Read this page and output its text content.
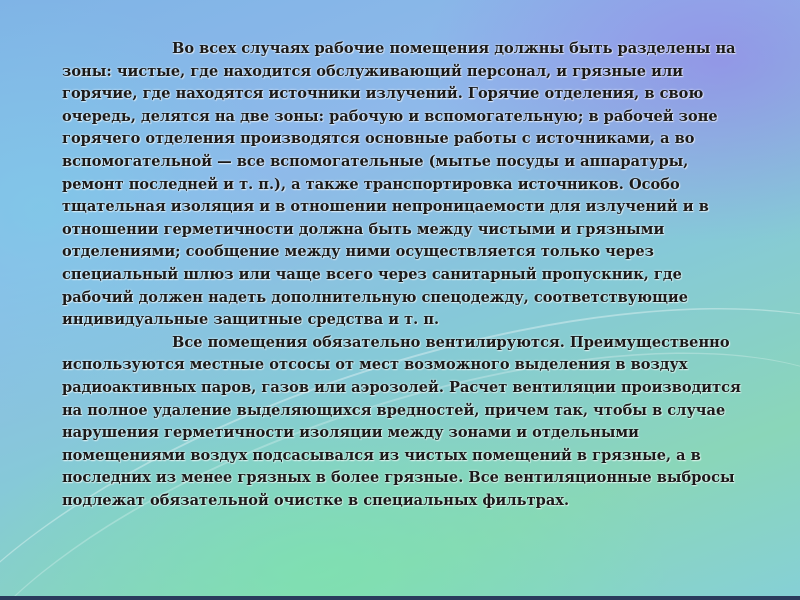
Во всех случаях рабочие помещения должны быть разделены на зоны: чистые, где находится обслуживающий персонал, и грязные или горячие, где находятся источники излучений. Горячие отделения, в свою очередь, делятся на две зоны: рабочую и вспомогательную; в рабочей зоне горячего отделения производятся основные работы с источниками, а во вспомогательной — все вспомогательные (мытье посуды и аппаратуры, ремонт последней и т. п.), а также транспортировка источников. Особо тщательная изоляция и в отношении непроницаемости для излучений и в отношении герметичности должна быть между чистыми и грязными отделениями; сообщение между ними осуществляется только через специальный шлюз или чаще всего через санитарный пропускник, где рабочий должен надеть дополнительную спецодежду, соответствующие индивидуальные защитные средства и т. п.

Все помещения обязательно вентилируются. Преимущественно используются местные отсосы от мест возможного выделения в воздух радиоактивных паров, газов или аэрозолей. Расчет вентиляции производится на полное удаление выделяющихся вредностей, причем так, чтобы в случае нарушения герметичности изоляции между зонами и отдельными помещениями воздух подсасывался из чистых помещений в грязные, а в последних из менее грязных в более грязные. Все вентиляционные выбросы подлежат обязательной очистке в специальных фильтрах.
